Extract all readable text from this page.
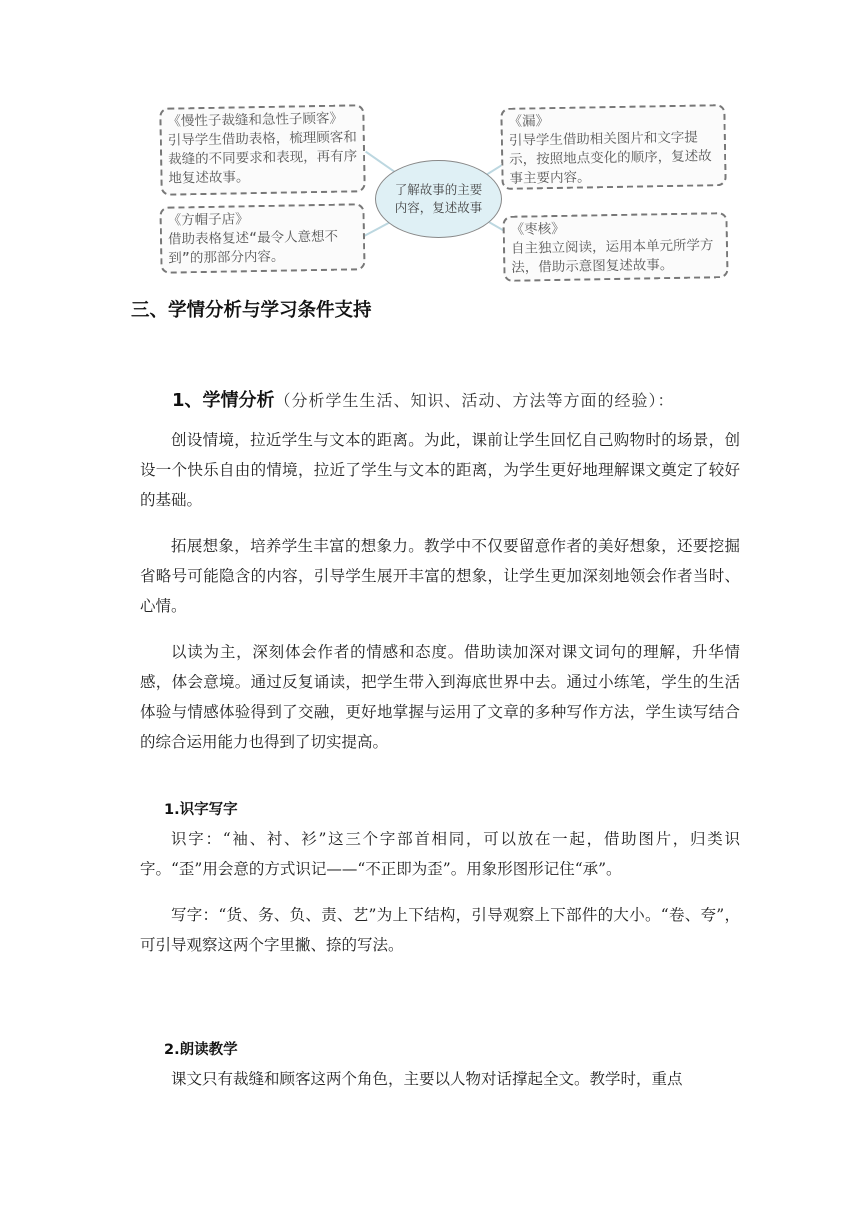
《慢性子裁缝和急性子顾客》
引导学生借助表格，梳理顾客和裁缝的不同要求和表现，再有序地复述故事。
《方帽子店》
借助表格复述“最令人意想不到”的那部分内容。
《漏》
引导学生借助相关图片和文字提示，按照地点变化的顺序，复述故事主要内容。
《枣核》
自主独立阅读，运用本单元所学方法，借助示意图复述故事。
了解故事的主要内容，复述故事
三、学情分析与学习条件支持
1、学情分析（分析学生生活、知识、活动、方法等方面的经验）：

创设情境，拉近学生与文本的距离。为此，课前让学生回忆自己购物时的场景，创设一个快乐自由的情境，拉近了学生与文本的距离，为学生更好地理解课文奠定了较好的基础。

拓展想象，培养学生丰富的想象力。教学中不仅要留意作者的美好想象，还要挖掘省略号可能隐含的内容，引导学生展开丰富的想象，让学生更加深刻地领会作者当时、心情。

以读为主，深刻体会作者的情感和态度。借助读加深对课文词句的理解，升华情感，体会意境。通过反复诵读，把学生带入到海底世界中去。通过小练笔，学生的生活体验与情感体验得到了交融，更好地掌握与运用了文章的多种写作方法，学生读写结合的综合运用能力也得到了切实提高。

1.识字写字

识字：“袖、衬、衫”这三个字部首相同，可以放在一起，借助图片，归类识字。“歪”用会意的方式识记——“不正即为歪”。用象形图形记住“承”。

写字：“货、务、负、责、艺”为上下结构，引导观察上下部件的大小。“卷、夸”，可引导观察这两个字里撇、捺的写法。

2.朗读教学

课文只有裁缝和顾客这两个角色，主要以人物对话撑起全文。教学时，重点
